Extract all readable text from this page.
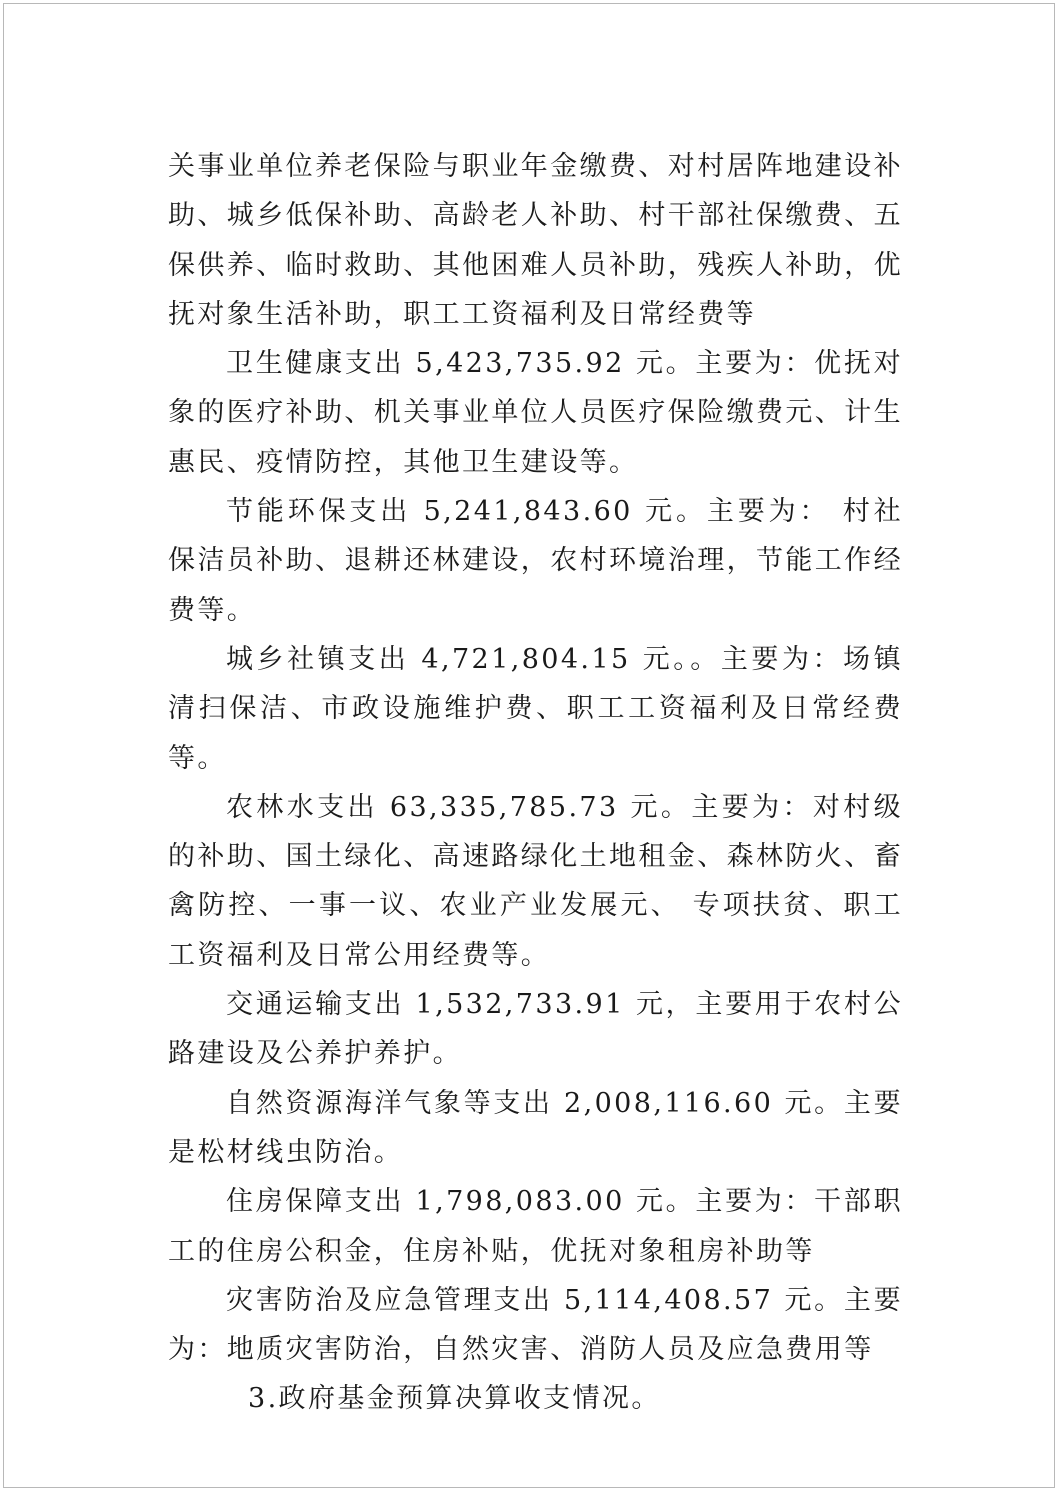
关事业单位养老保险与职业年金缴费、对村居阵地建设补助、城乡低保补助、高龄老人补助、村干部社保缴费、五保供养、临时救助、其他困难人员补助，残疾人补助，优抚对象生活补助，职工工资福利及日常经费等

卫生健康支出 5,423,735.92 元。主要为：优抚对象的医疗补助、机关事业单位人员医疗保险缴费元、计生惠民、疫情防控，其他卫生建设等。

节能环保支出 5,241,843.60 元。主要为： 村社保洁员补助、退耕还林建设，农村环境治理，节能工作经费等。

城乡社镇支出 4,721,804.15 元。。主要为：场镇清扫保洁、市政设施维护费、职工工资福利及日常经费等。

农林水支出 63,335,785.73 元。主要为：对村级的补助、国土绿化、高速路绿化土地租金、森林防火、畜禽防控、一事一议、农业产业发展元、 专项扶贫、职工工资福利及日常公用经费等。

交通运输支出 1,532,733.91 元，主要用于农村公路建设及公养护养护。

自然资源海洋气象等支出 2,008,116.60 元。主要是松材线虫防治。

住房保障支出 1,798,083.00 元。主要为：干部职工的住房公积金，住房补贴，优抚对象租房补助等

灾害防治及应急管理支出 5,114,408.57 元。主要为：地质灾害防治，自然灾害、消防人员及应急费用等

3.政府基金预算决算收支情况。
